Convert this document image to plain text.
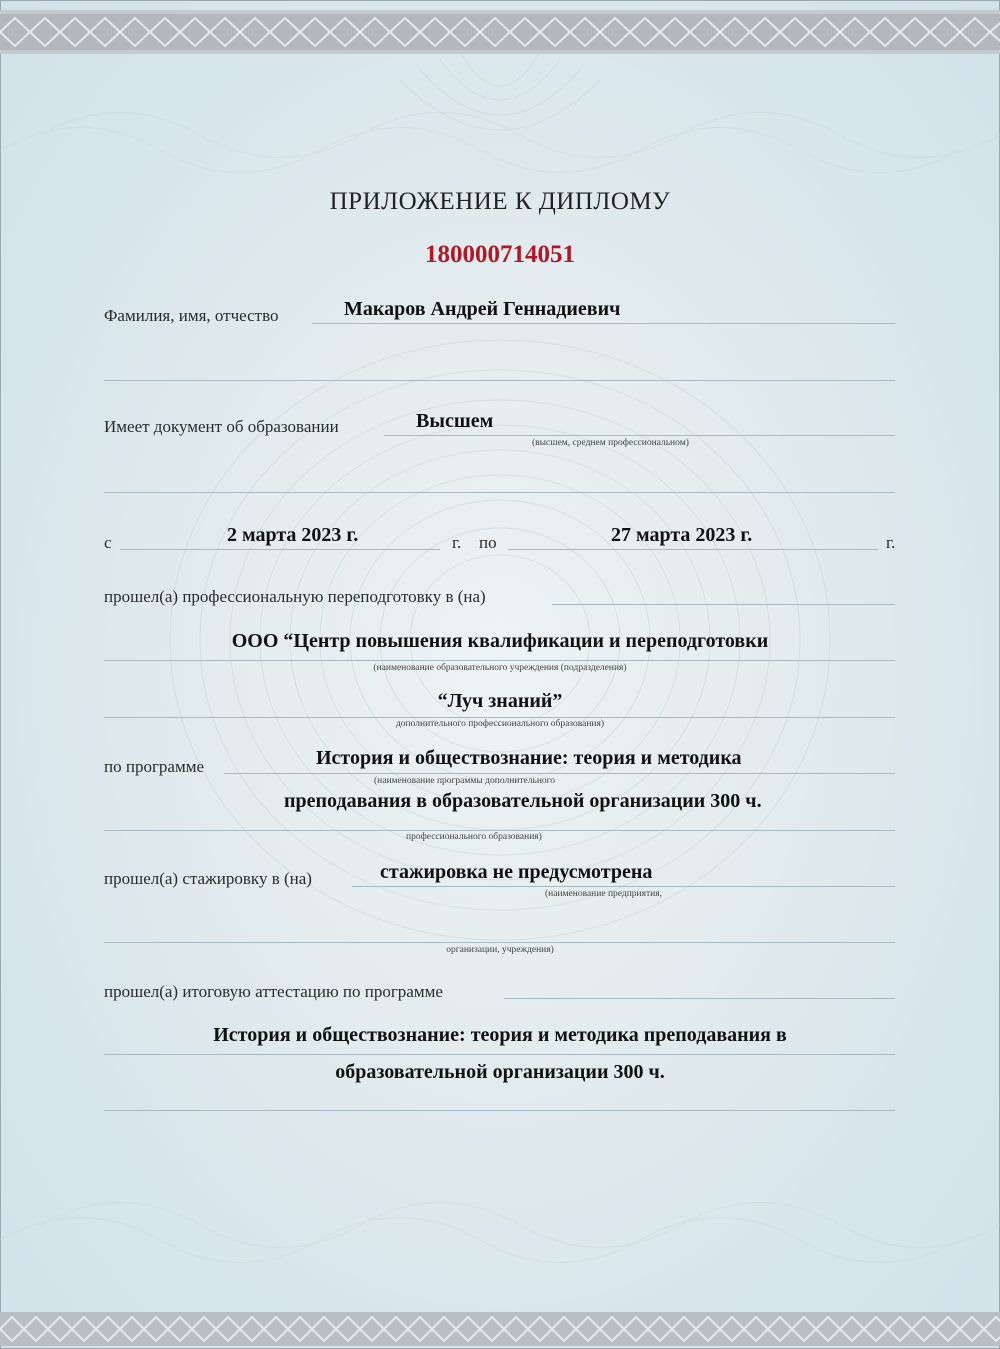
ПРИЛОЖЕНИЕ К ДИПЛОМУ
180000714051
Фамилия, имя, отчество	Макаров Андрей Геннадиевич
Имеет документ об образовании	Высшем
(высшем, среднем профессиональном)
с	2 марта 2023 г.	г. по	27 марта 2023 г.	г.
прошел(а) профессиональную переподготовку в (на)
ООО “Центр повышения квалификации и переподготовки
(наименование образовательного учреждения (подразделения)
“Луч знаний”
дополнительного профессионального образования)
по программе	История и обществознание: теория и методика
(наименование программы дополнительного
преподавания в образовательной организации 300 ч.
профессионального образования)
прошел(а) стажировку в (на)	стажировка не предусмотрена
(наименование предприятия,
организации, учреждения)
прошел(а) итоговую аттестацию по программе
История и обществознание: теория и методика преподавания в
образовательной организации 300 ч.
